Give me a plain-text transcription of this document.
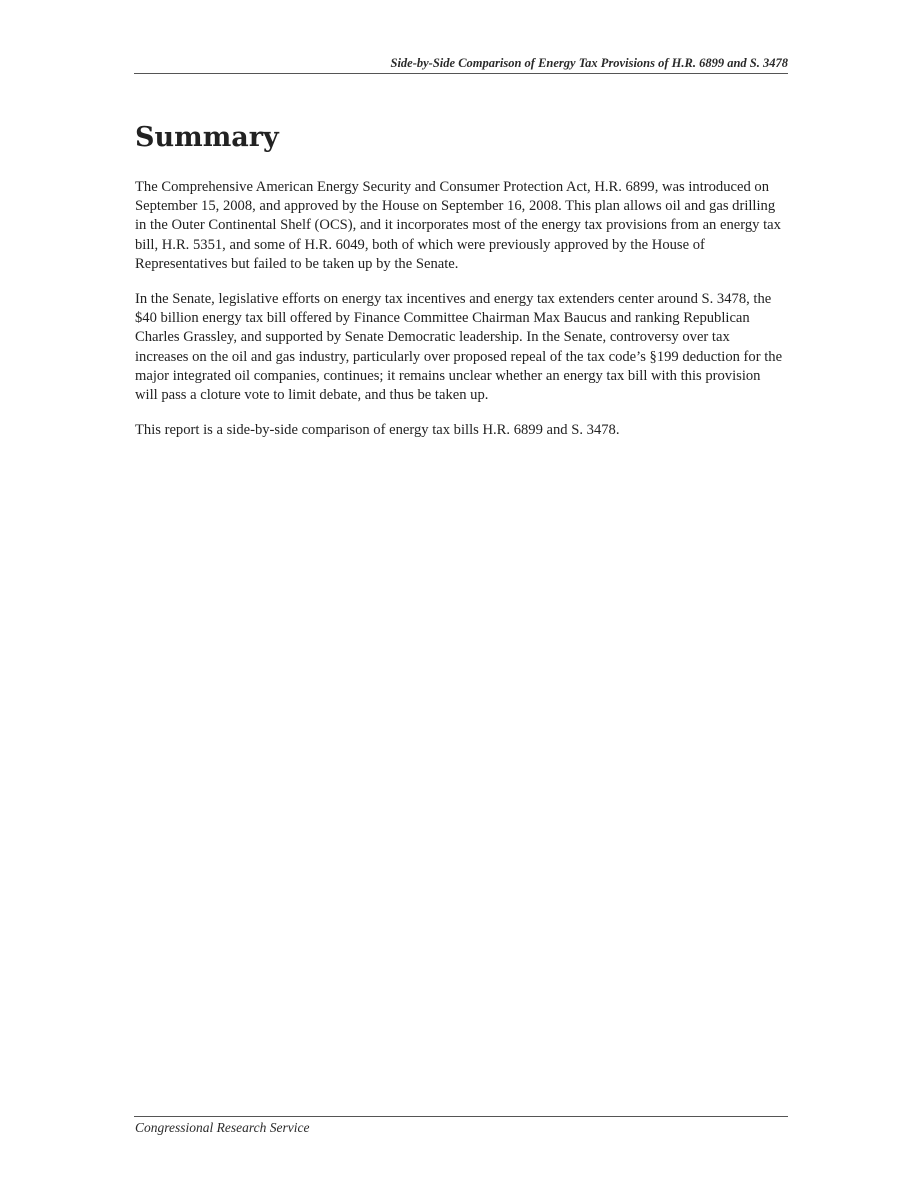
Side-by-Side Comparison of Energy Tax Provisions of H.R. 6899 and S. 3478
Summary

The Comprehensive American Energy Security and Consumer Protection Act, H.R. 6899, was introduced on September 15, 2008, and approved by the House on September 16, 2008. This plan allows oil and gas drilling in the Outer Continental Shelf (OCS), and it incorporates most of the energy tax provisions from an energy tax bill, H.R. 5351, and some of H.R. 6049, both of which were previously approved by the House of Representatives but failed to be taken up by the Senate.

In the Senate, legislative efforts on energy tax incentives and energy tax extenders center around S. 3478, the $40 billion energy tax bill offered by Finance Committee Chairman Max Baucus and ranking Republican Charles Grassley, and supported by Senate Democratic leadership. In the Senate, controversy over tax increases on the oil and gas industry, particularly over proposed repeal of the tax code’s §199 deduction for the major integrated oil companies, continues; it remains unclear whether an energy tax bill with this provision will pass a cloture vote to limit debate, and thus be taken up.

This report is a side-by-side comparison of energy tax bills H.R. 6899 and S. 3478.

Congressional Research Service
